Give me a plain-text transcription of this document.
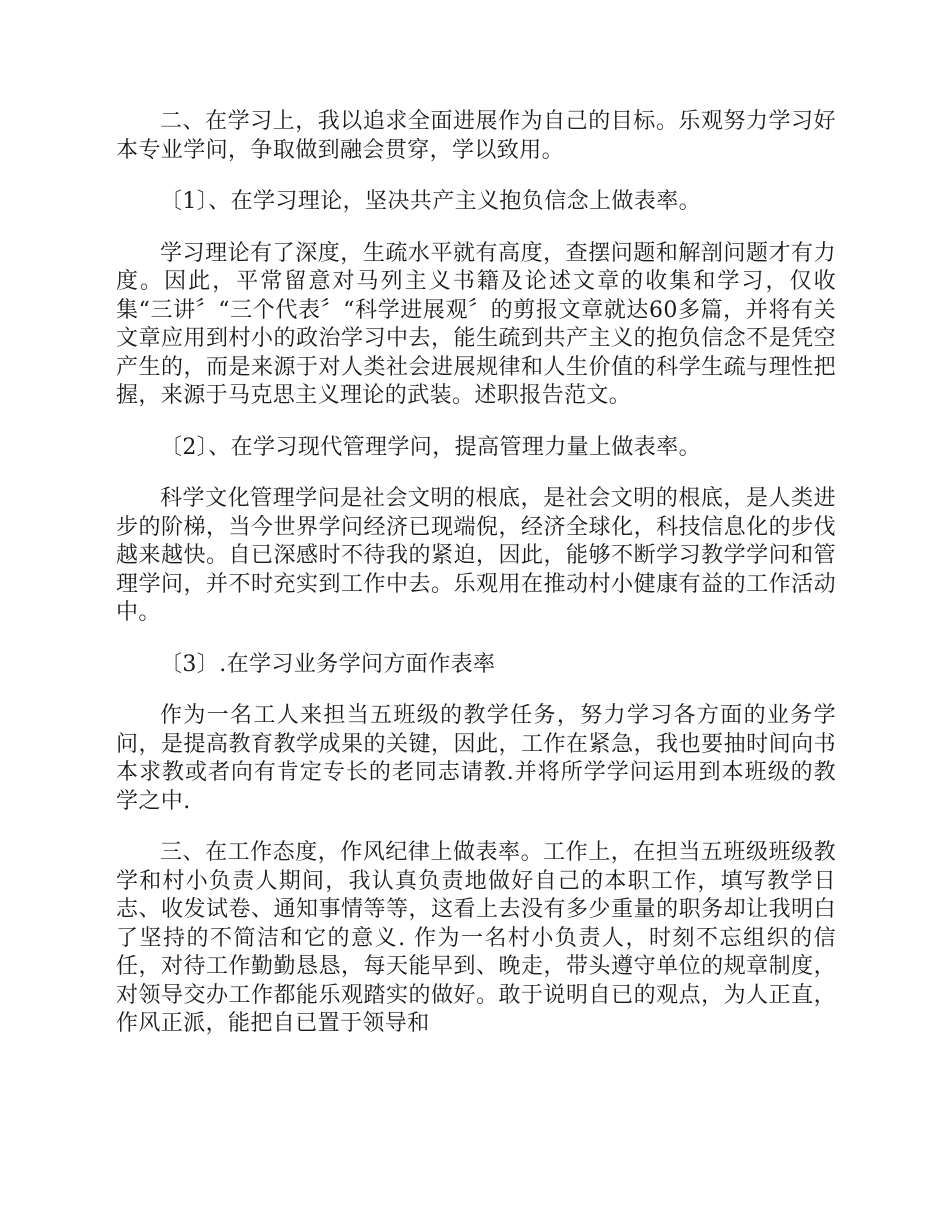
二、在学习上，我以追求全面进展作为自己的目标。乐观努力学习好本专业学问，争取做到融会贯穿，学以致用。

〔1〕、在学习理论，坚决共产主义抱负信念上做表率。

学习理论有了深度，生疏水平就有高度，查摆问题和解剖问题才有力度。因此，平常留意对马列主义书籍及论述文章的收集和学习，仅收集“三讲〞“三个代表〞“科学进展观〞的剪报文章就达60多篇，并将有关文章应用到村小的政治学习中去，能生疏到共产主义的抱负信念不是凭空产生的，而是来源于对人类社会进展规律和人生价值的科学生疏与理性把握，来源于马克思主义理论的武装。述职报告范文。

〔2〕、在学习现代管理学问，提高管理力量上做表率。

科学文化管理学问是社会文明的根底，是社会文明的根底，是人类进步的阶梯，当今世界学问经济已现端倪，经济全球化，科技信息化的步伐越来越快。自已深感时不待我的紧迫，因此，能够不断学习教学学问和管理学问，并不时充实到工作中去。乐观用在推动村小健康有益的工作活动中。

〔3〕.在学习业务学问方面作表率

作为一名工人来担当五班级的教学任务，努力学习各方面的业务学问，是提高教育教学成果的关键，因此，工作在紧急，我也要抽时间向书本求教或者向有肯定专长的老同志请教.并将所学学问运用到本班级的教学之中.

三、在工作态度，作风纪律上做表率。工作上，在担当五班级班级教学和村小负责人期间，我认真负责地做好自己的本职工作，填写教学日志、收发试卷、通知事情等等，这看上去没有多少重量的职务却让我明白了坚持的不简洁和它的意义. 作为一名村小负责人，时刻不忘组织的信任，对待工作勤勤恳恳，每天能早到、晚走，带头遵守单位的规章制度，对领导交办工作都能乐观踏实的做好。敢于说明自已的观点，为人正直，作风正派，能把自已置于领导和
